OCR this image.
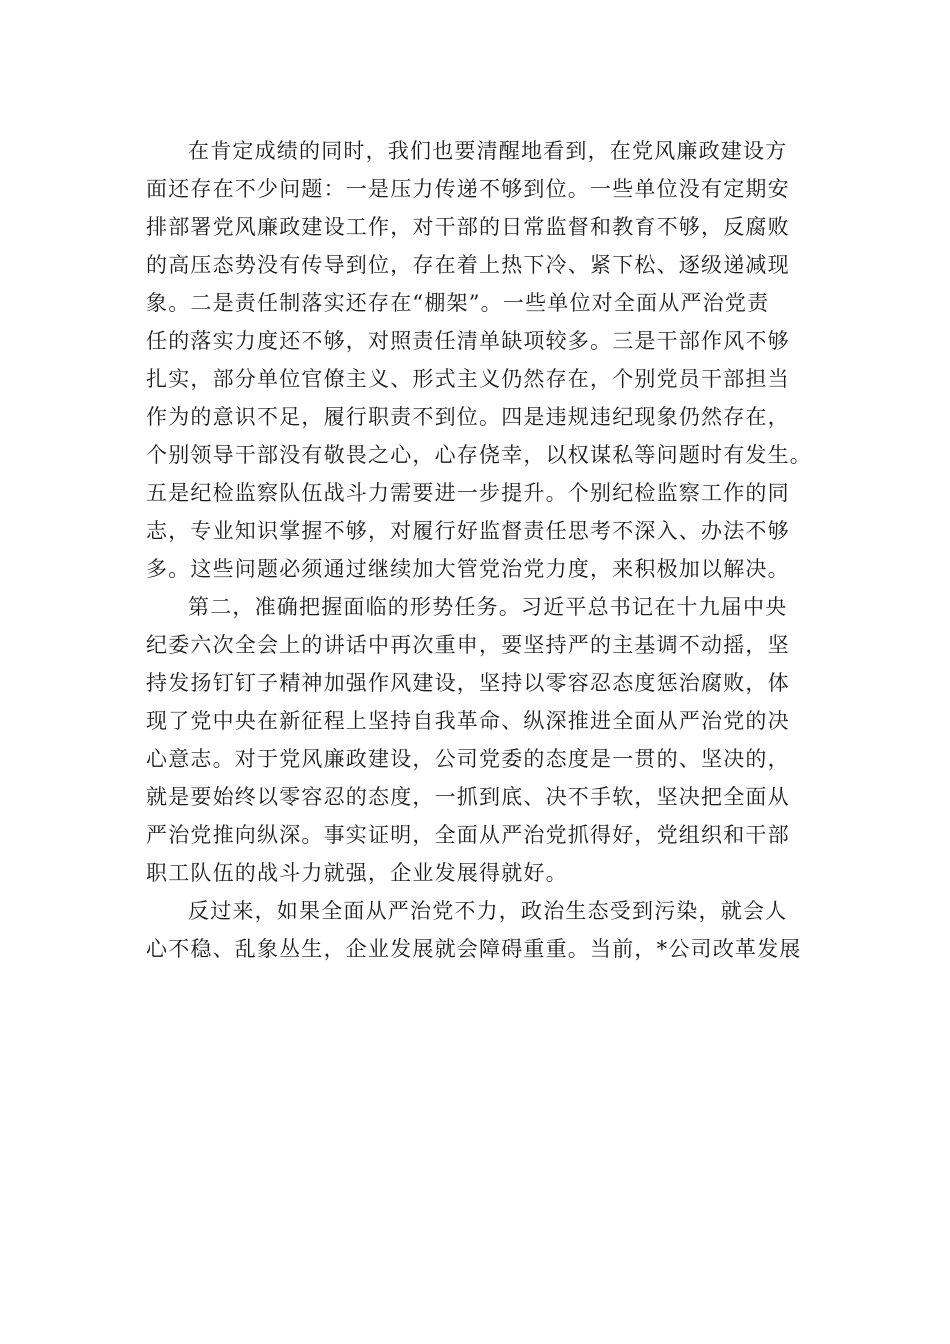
在肯定成绩的同时，我们也要清醒地看到，在党风廉政建设方
面还存在不少问题：一是压力传递不够到位。一些单位没有定期安
排部署党风廉政建设工作，对干部的日常监督和教育不够，反腐败
的高压态势没有传导到位，存在着上热下冷、紧下松、逐级递减现
象。二是责任制落实还存在“棚架”。一些单位对全面从严治党责
任的落实力度还不够，对照责任清单缺项较多。三是干部作风不够
扎实，部分单位官僚主义、形式主义仍然存在，个别党员干部担当
作为的意识不足，履行职责不到位。四是违规违纪现象仍然存在，
个别领导干部没有敬畏之心，心存侥幸，以权谋私等问题时有发生。
五是纪检监察队伍战斗力需要进一步提升。个别纪检监察工作的同
志，专业知识掌握不够，对履行好监督责任思考不深入、办法不够
多。这些问题必须通过继续加大管党治党力度，来积极加以解决。
第二，准确把握面临的形势任务。习近平总书记在十九届中央
纪委六次全会上的讲话中再次重申，要坚持严的主基调不动摇，坚
持发扬钉钉子精神加强作风建设，坚持以零容忍态度惩治腐败，体
现了党中央在新征程上坚持自我革命、纵深推进全面从严治党的决
心意志。对于党风廉政建设，公司党委的态度是一贯的、坚决的，
就是要始终以零容忍的态度，一抓到底、决不手软，坚决把全面从
严治党推向纵深。事实证明，全面从严治党抓得好，党组织和干部
职工队伍的战斗力就强，企业发展得就好。
反过来，如果全面从严治党不力，政治生态受到污染，就会人
心不稳、乱象丛生，企业发展就会障碍重重。当前，*公司改革发展
